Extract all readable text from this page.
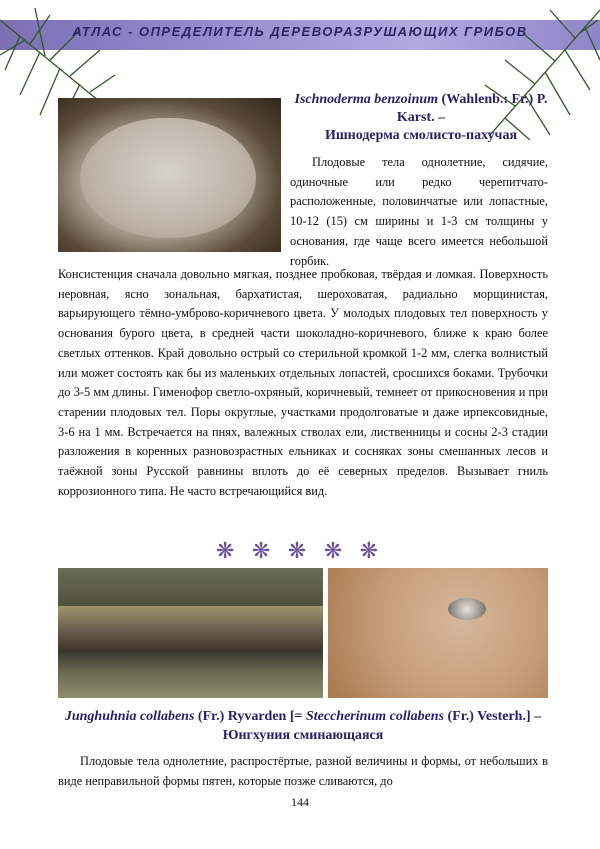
АТЛАС - ОПРЕДЕЛИТЕЛЬ ДЕРЕВОРАЗРУШАЮЩИХ ГРИБОВ
Ischnoderma benzoinum (Wahlenb.: Fr.) P. Karst. –
Ишнодерма смолисто-пахучая
Плодовые тела однолетние, сидячие, одиночные или редко черепитчато-расположенные, половинчатые или лопастные, 10-12 (15) см ширины и 1-3 см толщины у основания, где чаще всего имеется небольшой горбик.
Консистенция сначала довольно мягкая, позднее пробковая, твёрдая и ломкая. Поверхность неровная, ясно зональная, бархатистая, шероховатая, радиально морщинистая, варьирующего тёмно-умброво-коричневого цвета. У молодых плодовых тел поверхность у основания бурого цвета, в средней части шоколадно-коричневого, ближе к краю более светлых оттенков. Край довольно острый со стерильной кромкой 1-2 мм, слегка волнистый или может состоять как бы из маленьких отдельных лопастей, сросшихся боками. Трубочки до 3-5 мм длины. Гименофор светло-охряный, коричневый, темнеет от прикосновения и при старении плодовых тел. Поры округлые, участками продолговатые и даже ирпексовидные, 3-6 на 1 мм. Встречается на пнях, валежных стволах ели, лиственницы и сосны 2-3 стадии разложения в коренных разновозрастных ельниках и сосняках зоны смешанных лесов и таёжной зоны Русской равнины вплоть до её северных пределов. Вызывает гниль коррозионного типа. Не часто встречающийся вид.
❋ ❋ ❋ ❋ ❋
Junghuhnia collabens (Fr.) Ryvarden [= Steccherinum collabens (Fr.) Vesterh.] – Юнгхуния сминающаяся
Плодовые тела однолетние, распростёртые, разной величины и формы, от небольших в виде неправильной формы пятен, которые позже сливаются, до
144
